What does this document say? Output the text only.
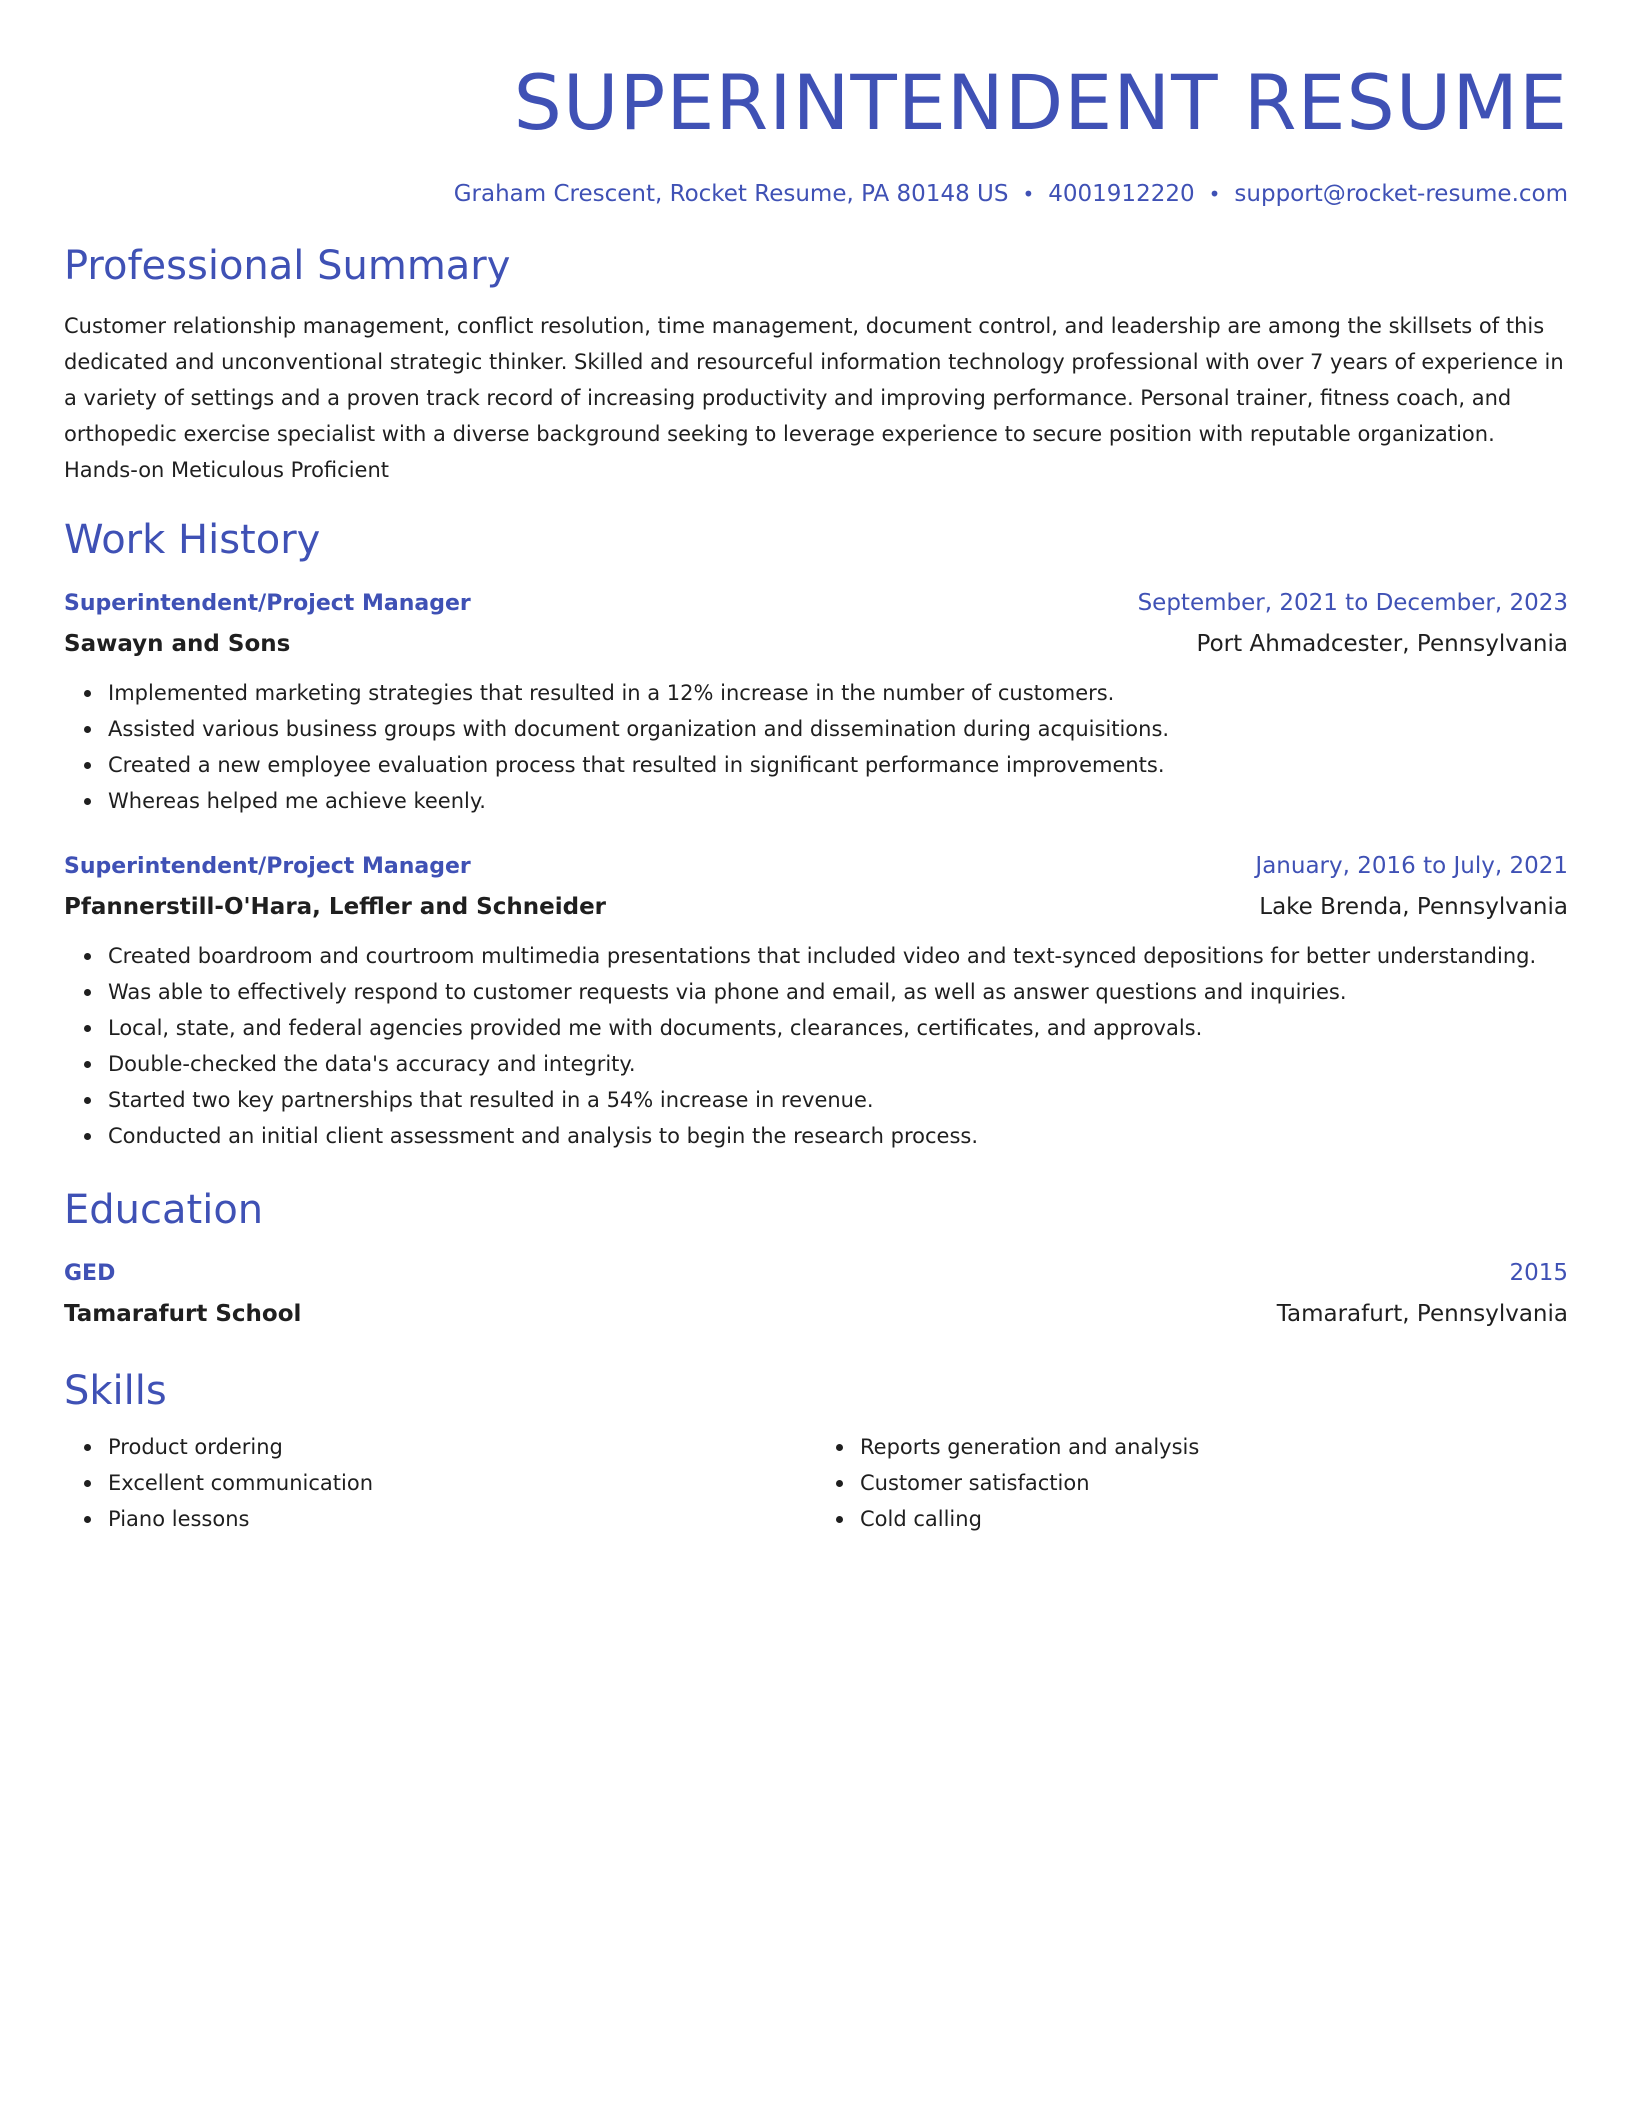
SUPERINTENDENT RESUME
Graham Crescent, Rocket Resume, PA 80148 US • 4001912220 • support@rocket-resume.com
Professional Summary
Customer relationship management, conflict resolution, time management, document control, and leadership are among the skillsets of this dedicated and unconventional strategic thinker. Skilled and resourceful information technology professional with over 7 years of experience in a variety of settings and a proven track record of increasing productivity and improving performance. Personal trainer, fitness coach, and orthopedic exercise specialist with a diverse background seeking to leverage experience to secure position with reputable organization.
Hands-on Meticulous Proficient
Work History
Superintendent/Project Manager	September, 2021 to December, 2023
Sawayn and Sons	Port Ahmadcester, Pennsylvania
Implemented marketing strategies that resulted in a 12% increase in the number of customers.
Assisted various business groups with document organization and dissemination during acquisitions.
Created a new employee evaluation process that resulted in significant performance improvements.
Whereas helped me achieve keenly.
Superintendent/Project Manager	January, 2016 to July, 2021
Pfannerstill-O'Hara, Leffler and Schneider	Lake Brenda, Pennsylvania
Created boardroom and courtroom multimedia presentations that included video and text-synced depositions for better understanding.
Was able to effectively respond to customer requests via phone and email, as well as answer questions and inquiries.
Local, state, and federal agencies provided me with documents, clearances, certificates, and approvals.
Double-checked the data's accuracy and integrity.
Started two key partnerships that resulted in a 54% increase in revenue.
Conducted an initial client assessment and analysis to begin the research process.
Education
GED	2015
Tamarafurt School	Tamarafurt, Pennsylvania
Skills
Product ordering
Excellent communication
Piano lessons
Reports generation and analysis
Customer satisfaction
Cold calling
